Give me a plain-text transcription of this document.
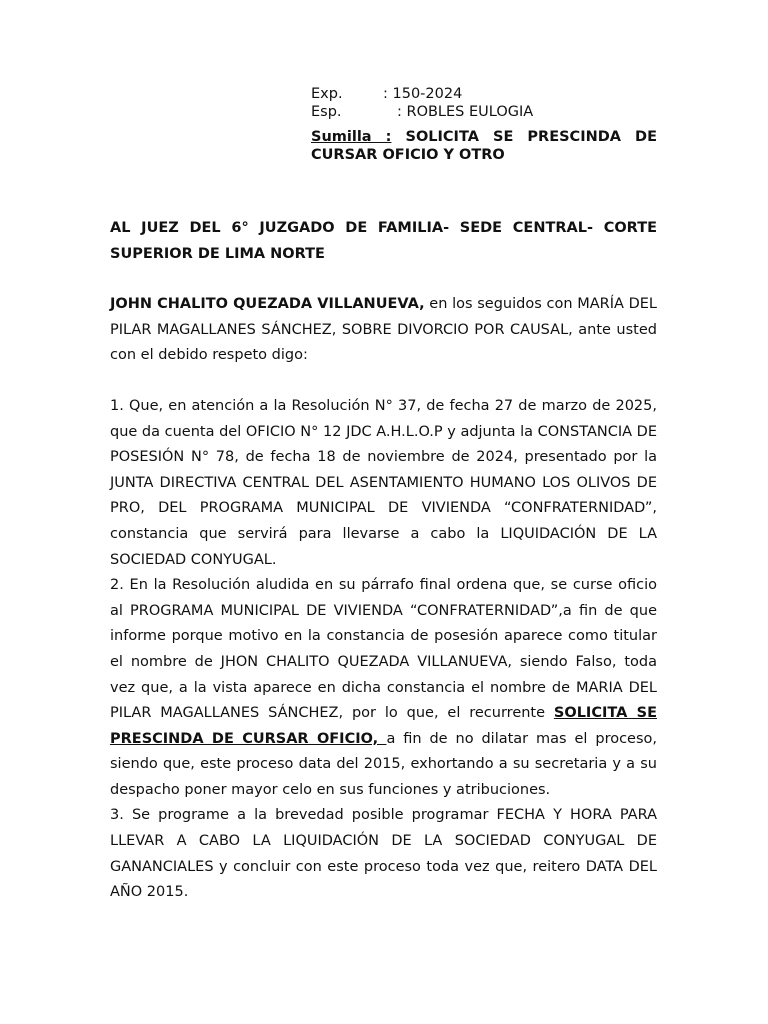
Exp.	: 150-2024
Esp.	: ROBLES EULOGIA
Sumilla : SOLICITA SE PRESCINDA DE CURSAR OFICIO Y OTRO

AL JUEZ DEL 6° JUZGADO DE FAMILIA- SEDE CENTRAL- CORTE SUPERIOR DE LIMA NORTE

JOHN CHALITO QUEZADA VILLANUEVA, en los seguidos con MARÍA DEL PILAR MAGALLANES SÁNCHEZ, SOBRE DIVORCIO POR CAUSAL, ante usted con el debido respeto digo:

1. Que, en atención a la Resolución N° 37, de fecha 27 de marzo de 2025, que da cuenta del OFICIO N° 12 JDC A.H.L.O.P y adjunta la CONSTANCIA DE POSESIÓN N° 78, de fecha 18 de noviembre de 2024, presentado por la JUNTA DIRECTIVA CENTRAL DEL ASENTAMIENTO HUMANO LOS OLIVOS DE PRO, DEL PROGRAMA MUNICIPAL DE VIVIENDA “CONFRATERNIDAD”, constancia que servirá para llevarse a cabo la LIQUIDACIÓN DE LA SOCIEDAD CONYUGAL.

2. En la Resolución aludida en su párrafo final ordena que, se curse oficio al PROGRAMA MUNICIPAL DE VIVIENDA “CONFRATERNIDAD”,a fin de que informe porque motivo en la constancia de posesión aparece como titular el nombre de JHON CHALITO QUEZADA VILLANUEVA, siendo Falso, toda vez que, a la vista aparece en dicha constancia el nombre de MARIA DEL PILAR MAGALLANES SÁNCHEZ, por lo que, el recurrente SOLICITA SE PRESCINDA DE CURSAR OFICIO, a fin de no dilatar mas el proceso, siendo que, este proceso data del 2015, exhortando a su secretaria y a su despacho poner mayor celo en sus funciones y atribuciones.

3. Se programe a la brevedad posible programar FECHA Y HORA PARA LLEVAR A CABO LA LIQUIDACIÓN DE LA SOCIEDAD CONYUGAL DE GANANCIALES y concluir con este proceso toda vez que, reitero DATA DEL AÑO 2015.
